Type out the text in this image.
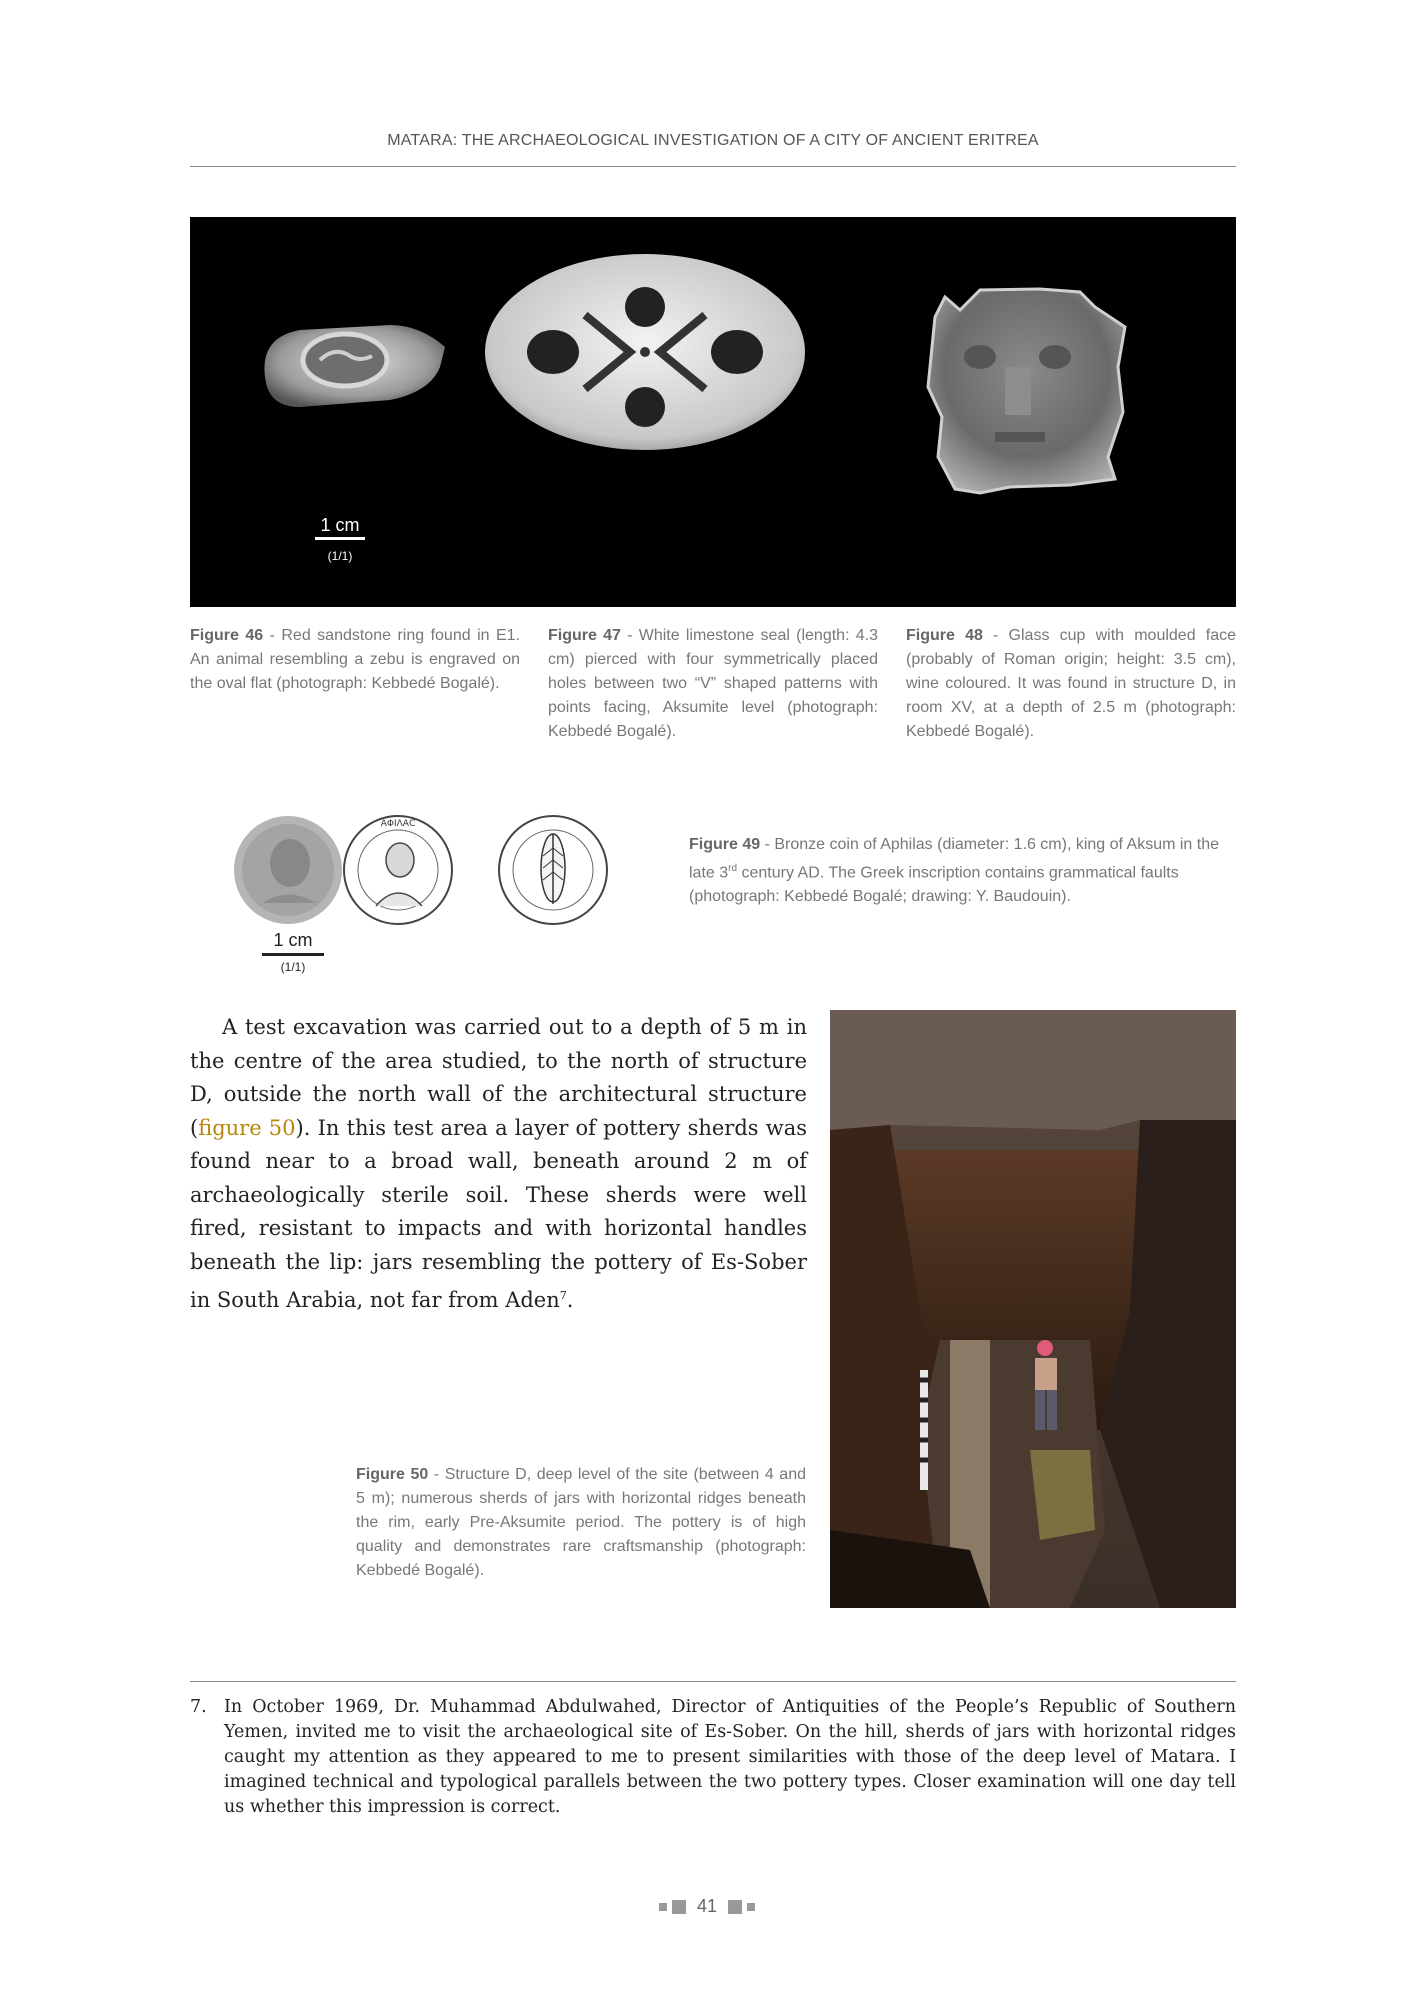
MATARA: THE ARCHAEOLOGICAL INVESTIGATION OF A CITY OF ANCIENT ERITREA
1 cm
(1/1)
Figure 46 - Red sandstone ring found in E1. An animal resembling a zebu is engraved on the oval flat (photograph: Kebbedé Bogalé).
Figure 47 - White limestone seal (length: 4.3 cm) pierced with four symmetrically placed holes between two “V” shaped patterns with points facing, Aksumite level (photograph: Kebbedé Bogalé).
Figure 48 - Glass cup with moulded face (probably of Roman origin; height: 3.5 cm), wine coloured. It was found in structure D, in room XV, at a depth of 2.5 m (photograph: Kebbedé Bogalé).
ΑΦΙΛΑϹ
1 cm
(1/1)
Figure 49 - Bronze coin of Aphilas (diameter: 1.6 cm), king of Aksum in the late 3rd century AD. The Greek inscription contains grammatical faults (photograph: Kebbedé Bogalé; drawing: Y. Baudouin).
A test excavation was carried out to a depth of 5 m in the centre of the area studied, to the north of structure D, outside the north wall of the architectural structure (figure 50). In this test area a layer of pottery sherds was found near to a broad wall, beneath around 2 m of archaeologically sterile soil. These sherds were well fired, resistant to impacts and with horizontal handles beneath the lip: jars resembling the pottery of Es-Sober in South Arabia, not far from Aden$^7$.
Figure 50 - Structure D, deep level of the site (between 4 and 5 m); numerous sherds of jars with horizontal ridges beneath the rim, early Pre-Aksumite period. The pottery is of high quality and demonstrates rare craftsmanship (photograph: Kebbedé Bogalé).
7. In October 1969, Dr. Muhammad Abdulwahed, Director of Antiquities of the People’s Republic of Southern Yemen, invited me to visit the archaeological site of Es-Sober. On the hill, sherds of jars with horizontal ridges caught my attention as they appeared to me to present similarities with those of the deep level of Matara. I imagined technical and typological parallels between the two pottery types. Closer examination will one day tell us whether this impression is correct.
41
